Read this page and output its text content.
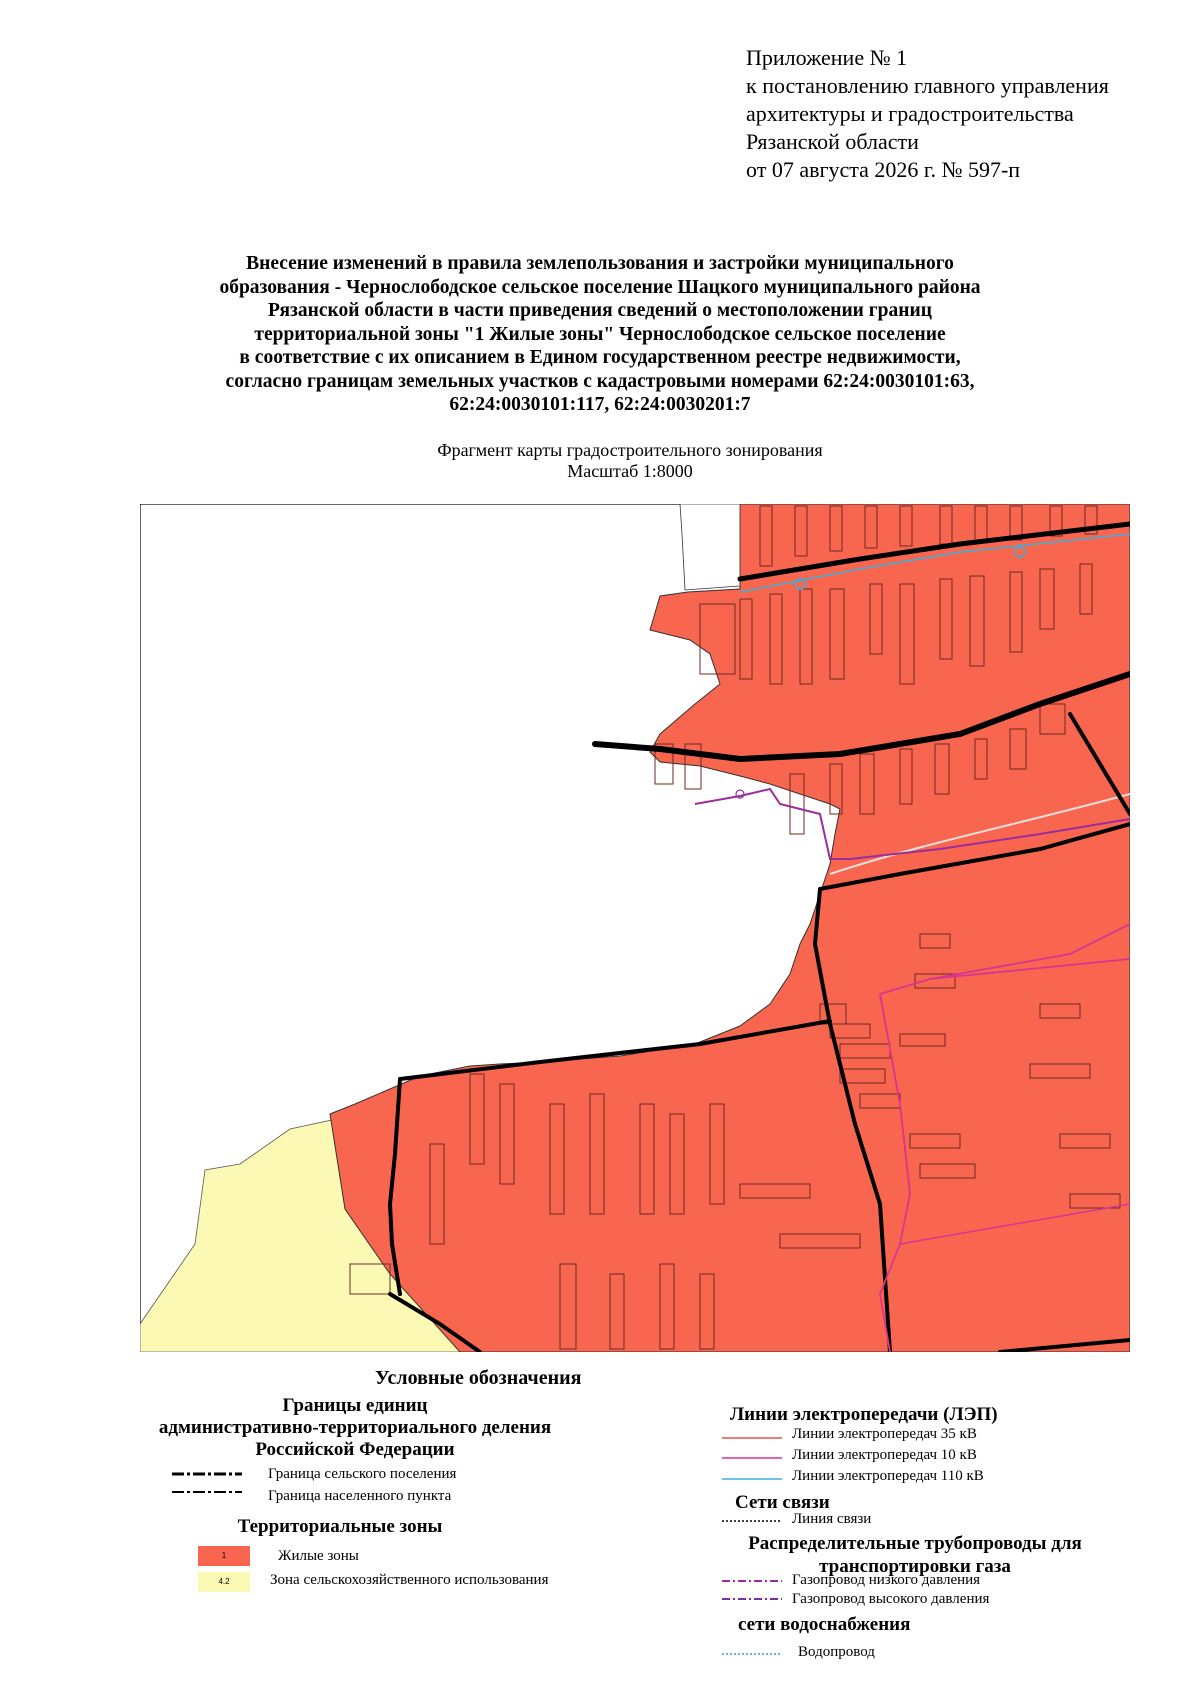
Приложение № 1
к постановлению главного управления
архитектуры и градостроительства
Рязанской области
от 07 августа 2026 г. № 597-п
Внесение изменений в правила землепользования и застройки муниципального
образования - Чернослободское сельское поселение Шацкого муниципального района
Рязанской области в части приведения сведений о местоположении границ
территориальной зоны "1 Жилые зоны" Чернослободское сельское поселение
в соответствие с их описанием в Едином государственном реестре недвижимости,
согласно границам земельных участков с кадастровыми номерами 62:24:0030101:63,
62:24:0030101:117, 62:24:0030201:7
Фрагмент карты градостроительного зонирования
Масштаб 1:8000
Условные обозначения
Границы единиц
административно-территориального деления
Российской Федерации
Граница сельского поселения
Граница населенного пункта
Территориальные зоны
1	Жилые зоны
4.2	Зона сельскохозяйственного использования
Линии электропередачи (ЛЭП)
Линии электропередач 35 кВ
Линии электропередач 10 кВ
Линии электропередач 110 кВ
Сети связи
Линия связи
Распределительные трубопроводы для
транспортировки газа
Газопровод низкого давления
Газопровод высокого давления
сети водоснабжения
Водопровод
